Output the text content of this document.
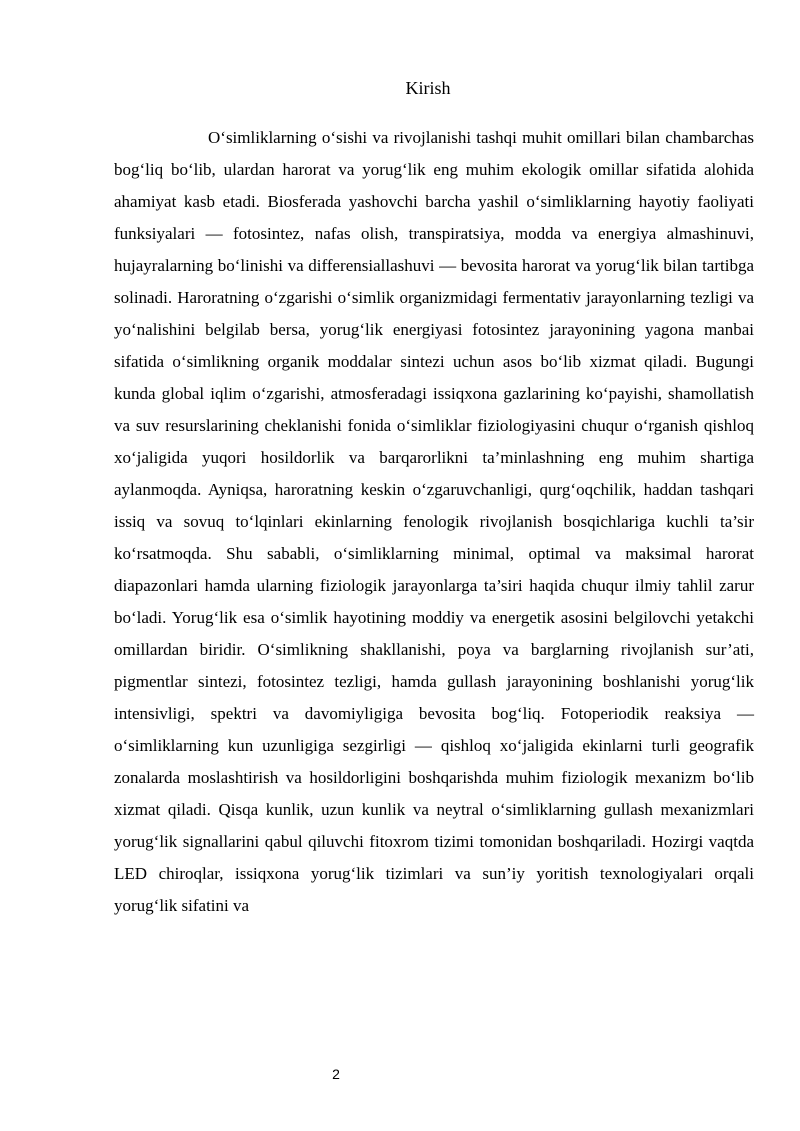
Kirish

O‘simliklarning o‘sishi va rivojlanishi tashqi muhit omillari bilan chambarchas bog‘liq bo‘lib, ulardan harorat va yorug‘lik eng muhim ekologik omillar sifatida alohida ahamiyat kasb etadi. Biosferada yashovchi barcha yashil o‘simliklarning hayotiy faoliyati funksiyalari — fotosintez, nafas olish, transpiratsiya, modda va energiya almashinuvi, hujayralarning bo‘linishi va differensiallashuvi — bevosita harorat va yorug‘lik bilan tartibga solinadi. Haroratning o‘zgarishi o‘simlik organizmidagi fermentativ jarayonlarning tezligi va yo‘nalishini belgilab bersa, yorug‘lik energiyasi fotosintez jarayonining yagona manbai sifatida o‘simlikning organik moddalar sintezi uchun asos bo‘lib xizmat qiladi. Bugungi kunda global iqlim o‘zgarishi, atmosferadagi issiqxona gazlarining ko‘payishi, shamollatish va suv resurslarining cheklanishi fonida o‘simliklar fiziologiyasini chuqur o‘rganish qishloq xo‘jaligida yuqori hosildorlik va barqarorlikni ta’minlashning eng muhim shartiga aylanmoqda. Ayniqsa, haroratning keskin o‘zgaruvchanligi, qurg‘oqchilik, haddan tashqari issiq va sovuq to‘lqinlari ekinlarning fenologik rivojlanish bosqichlariga kuchli ta’sir ko‘rsatmoqda. Shu sababli, o‘simliklarning minimal, optimal va maksimal harorat diapazonlari hamda ularning fiziologik jarayonlarga ta’siri haqida chuqur ilmiy tahlil zarur bo‘ladi. Yorug‘lik esa o‘simlik hayotining moddiy va energetik asosini belgilovchi yetakchi omillardan biridir. O‘simlikning shakllanishi, poya va barglarning rivojlanish sur’ati, pigmentlar sintezi, fotosintez tezligi, hamda gullash jarayonining boshlanishi yorug‘lik intensivligi, spektri va davomiyligiga bevosita bog‘liq. Fotoperiodik reaksiya — o‘simliklarning kun uzunligiga sezgirligi — qishloq xo‘jaligida ekinlarni turli geografik zonalarda moslashtirish va hosildorligini boshqarishda muhim fiziologik mexanizm bo‘lib xizmat qiladi. Qisqa kunlik, uzun kunlik va neytral o‘simliklarning gullash mexanizmlari yorug‘lik signallarini qabul qiluvchi fitoxrom tizimi tomonidan boshqariladi. Hozirgi vaqtda LED chiroqlar, issiqxona yorug‘lik tizimlari va sun’iy yoritish texnologiyalari orqali yorug‘lik sifatini va

2
